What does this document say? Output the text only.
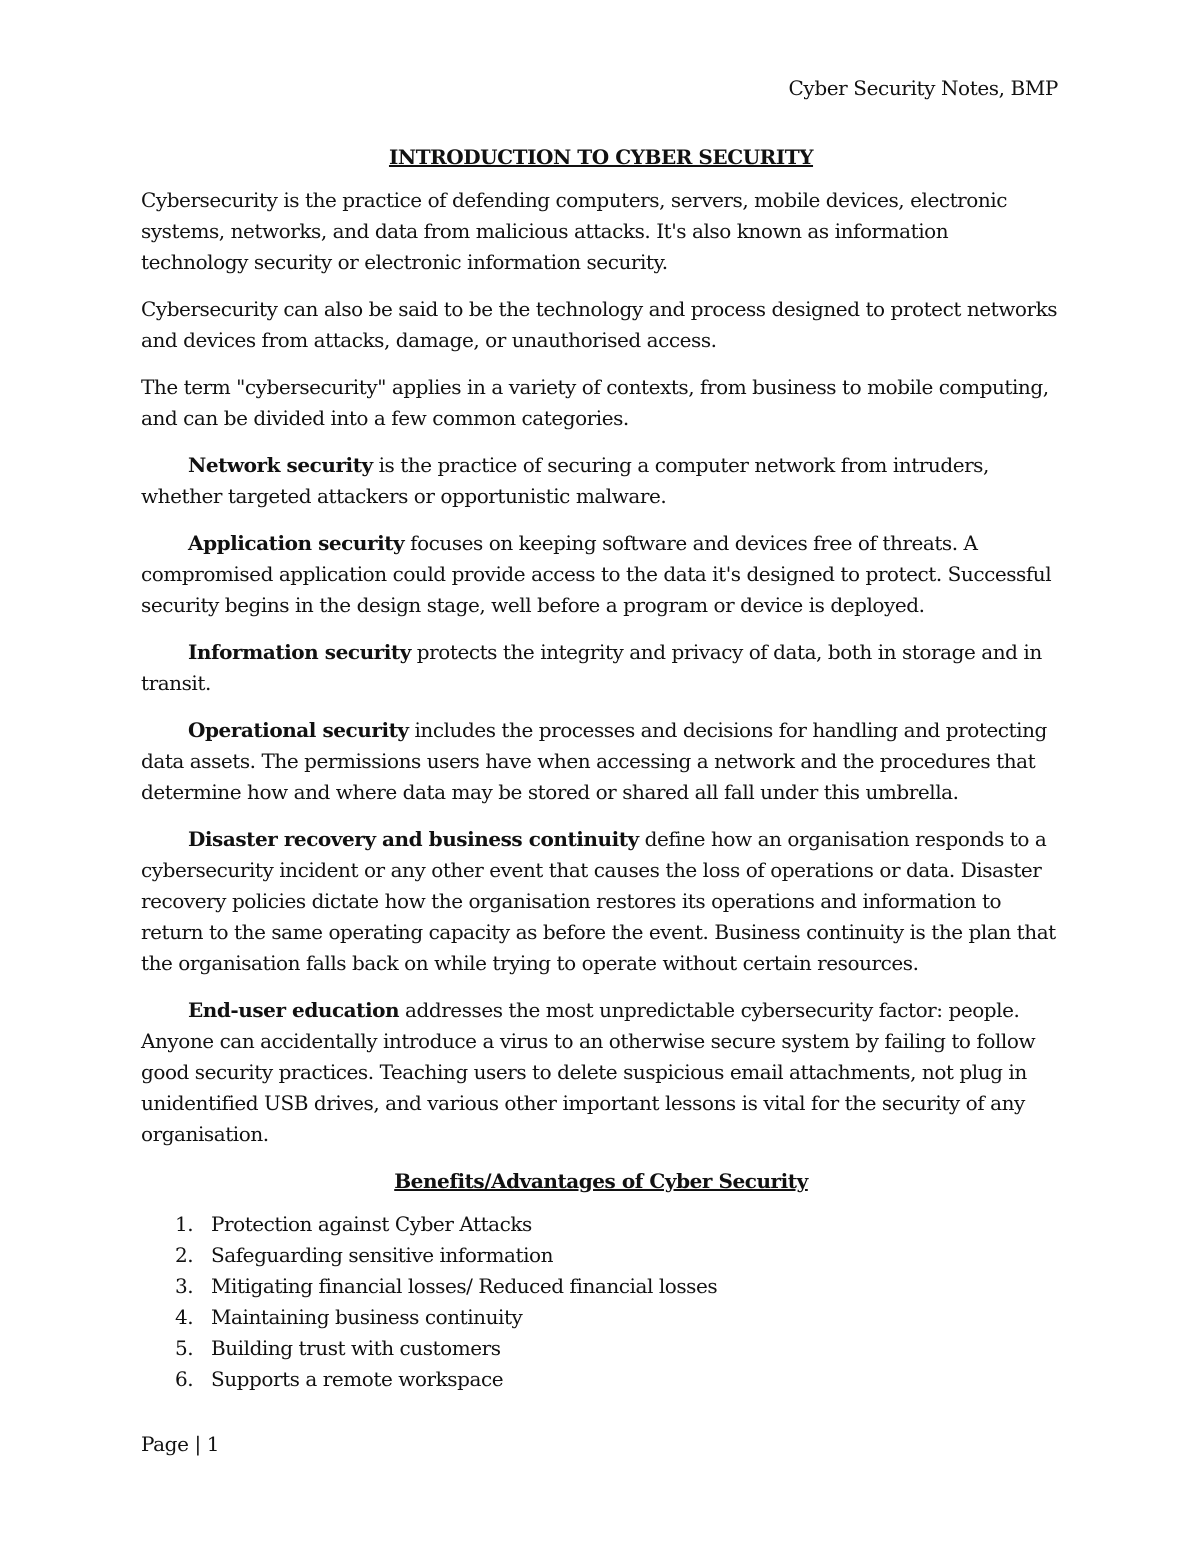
Cyber Security Notes, BMP
INTRODUCTION TO CYBER SECURITY

Cybersecurity is the practice of defending computers, servers, mobile devices, electronic systems, networks, and data from malicious attacks. It's also known as information technology security or electronic information security.

Cybersecurity can also be said to be the technology and process designed to protect networks and devices from attacks, damage, or unauthorised access.

The term "cybersecurity" applies in a variety of contexts, from business to mobile computing, and can be divided into a few common categories.

Network security is the practice of securing a computer network from intruders, whether targeted attackers or opportunistic malware.

Application security focuses on keeping software and devices free of threats. A compromised application could provide access to the data it's designed to protect. Successful security begins in the design stage, well before a program or device is deployed.

Information security protects the integrity and privacy of data, both in storage and in transit.

Operational security includes the processes and decisions for handling and protecting data assets. The permissions users have when accessing a network and the procedures that determine how and where data may be stored or shared all fall under this umbrella.

Disaster recovery and business continuity define how an organisation responds to a cybersecurity incident or any other event that causes the loss of operations or data. Disaster recovery policies dictate how the organisation restores its operations and information to return to the same operating capacity as before the event. Business continuity is the plan that the organisation falls back on while trying to operate without certain resources.

End-user education addresses the most unpredictable cybersecurity factor: people. Anyone can accidentally introduce a virus to an otherwise secure system by failing to follow good security practices. Teaching users to delete suspicious email attachments, not plug in unidentified USB drives, and various other important lessons is vital for the security of any organisation.

Benefits/Advantages of Cyber Security
1. Protection against Cyber Attacks
2. Safeguarding sensitive information
3. Mitigating financial losses/ Reduced financial losses
4. Maintaining business continuity
5. Building trust with customers
6. Supports a remote workspace
Page | 1
